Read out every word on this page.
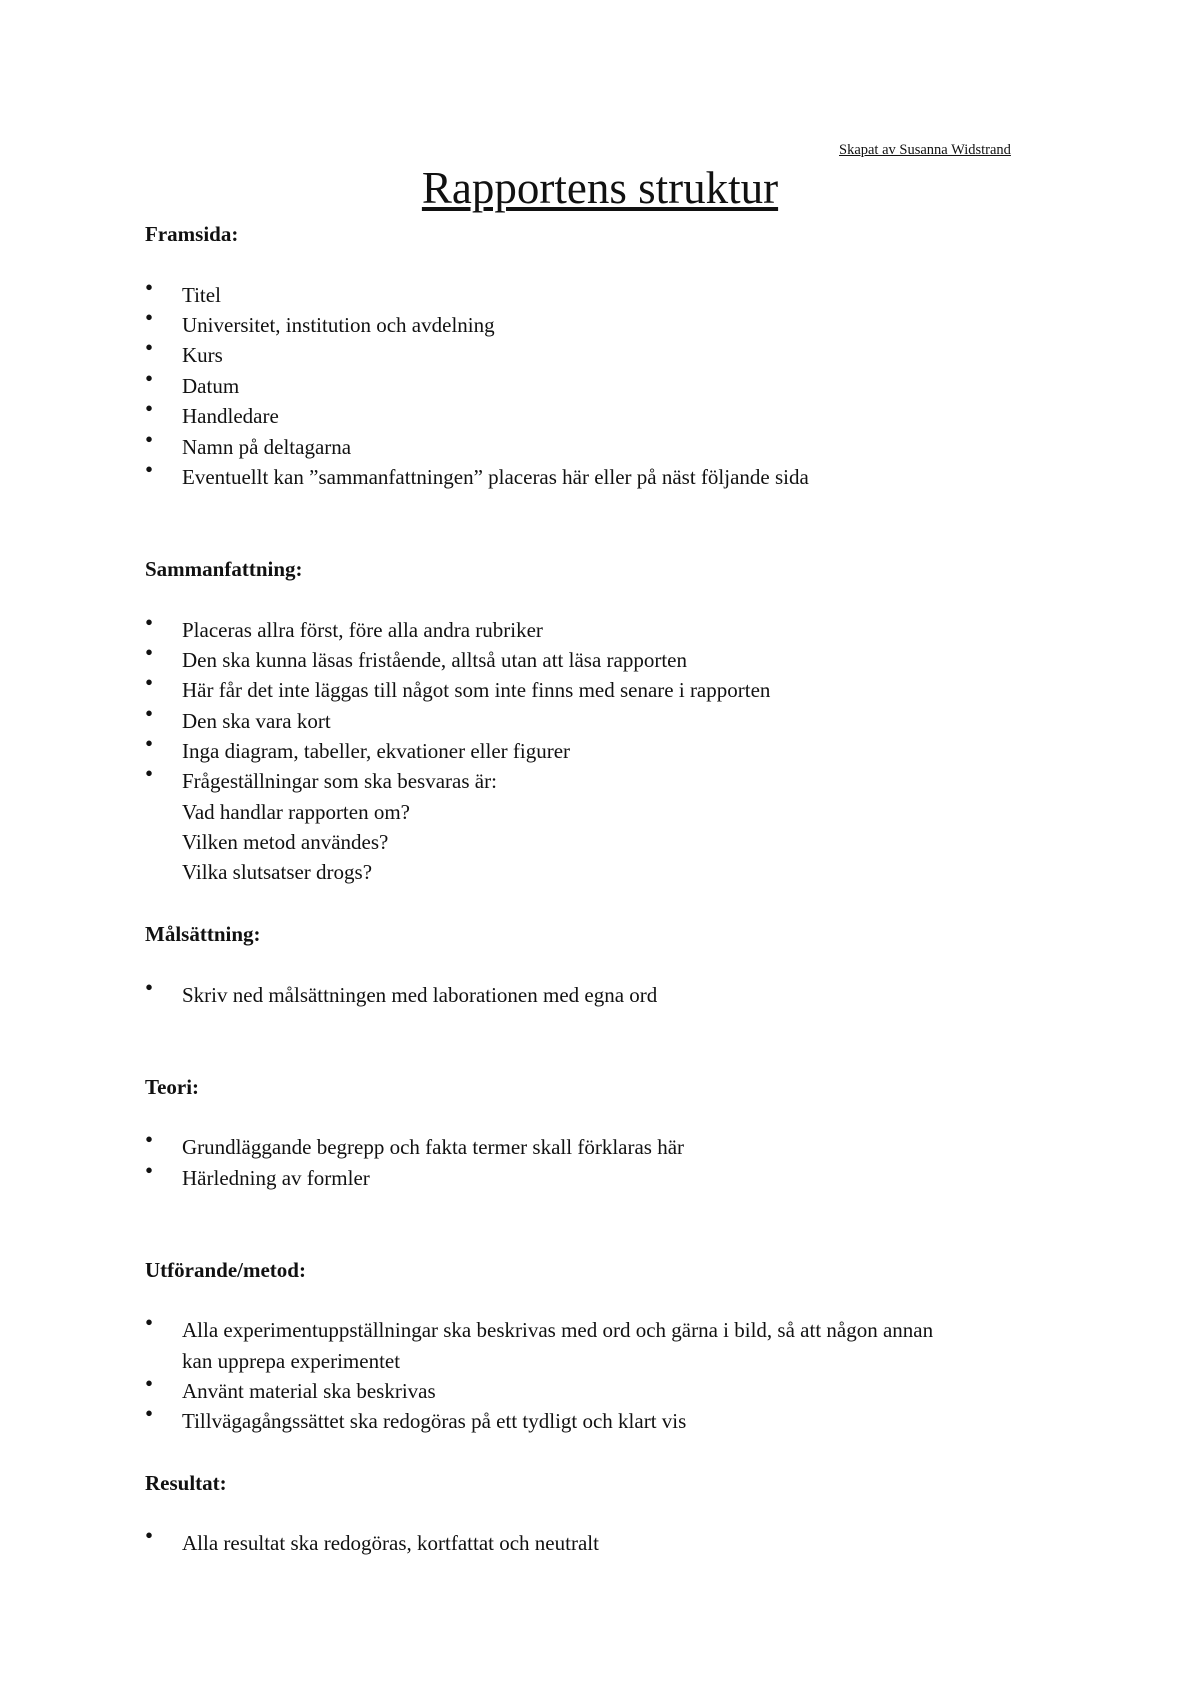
Skapat av Susanna Widstrand
Rapportens struktur
Framsida:
• Titel
• Universitet, institution och avdelning
• Kurs
• Datum
• Handledare
• Namn på deltagarna
• Eventuellt kan ”sammanfattningen” placeras här eller på näst följande sida
Sammanfattning:
• Placeras allra först, före alla andra rubriker
• Den ska kunna läsas fristående, alltså utan att läsa rapporten
• Här får det inte läggas till något som inte finns med senare i rapporten
• Den ska vara kort
• Inga diagram, tabeller, ekvationer eller figurer
• Frågeställningar som ska besvaras är:
Vad handlar rapporten om?
Vilken metod användes?
Vilka slutsatser drogs?
Målsättning:
• Skriv ned målsättningen med laborationen med egna ord
Teori:
• Grundläggande begrepp och fakta termer skall förklaras här
• Härledning av formler
Utförande/metod:
• Alla experimentuppställningar ska beskrivas med ord och gärna i bild, så att någon annan
kan upprepa experimentet
• Använt material ska beskrivas
• Tillvägagångssättet ska redogöras på ett tydligt och klart vis
Resultat:
• Alla resultat ska redogöras, kortfattat och neutralt
